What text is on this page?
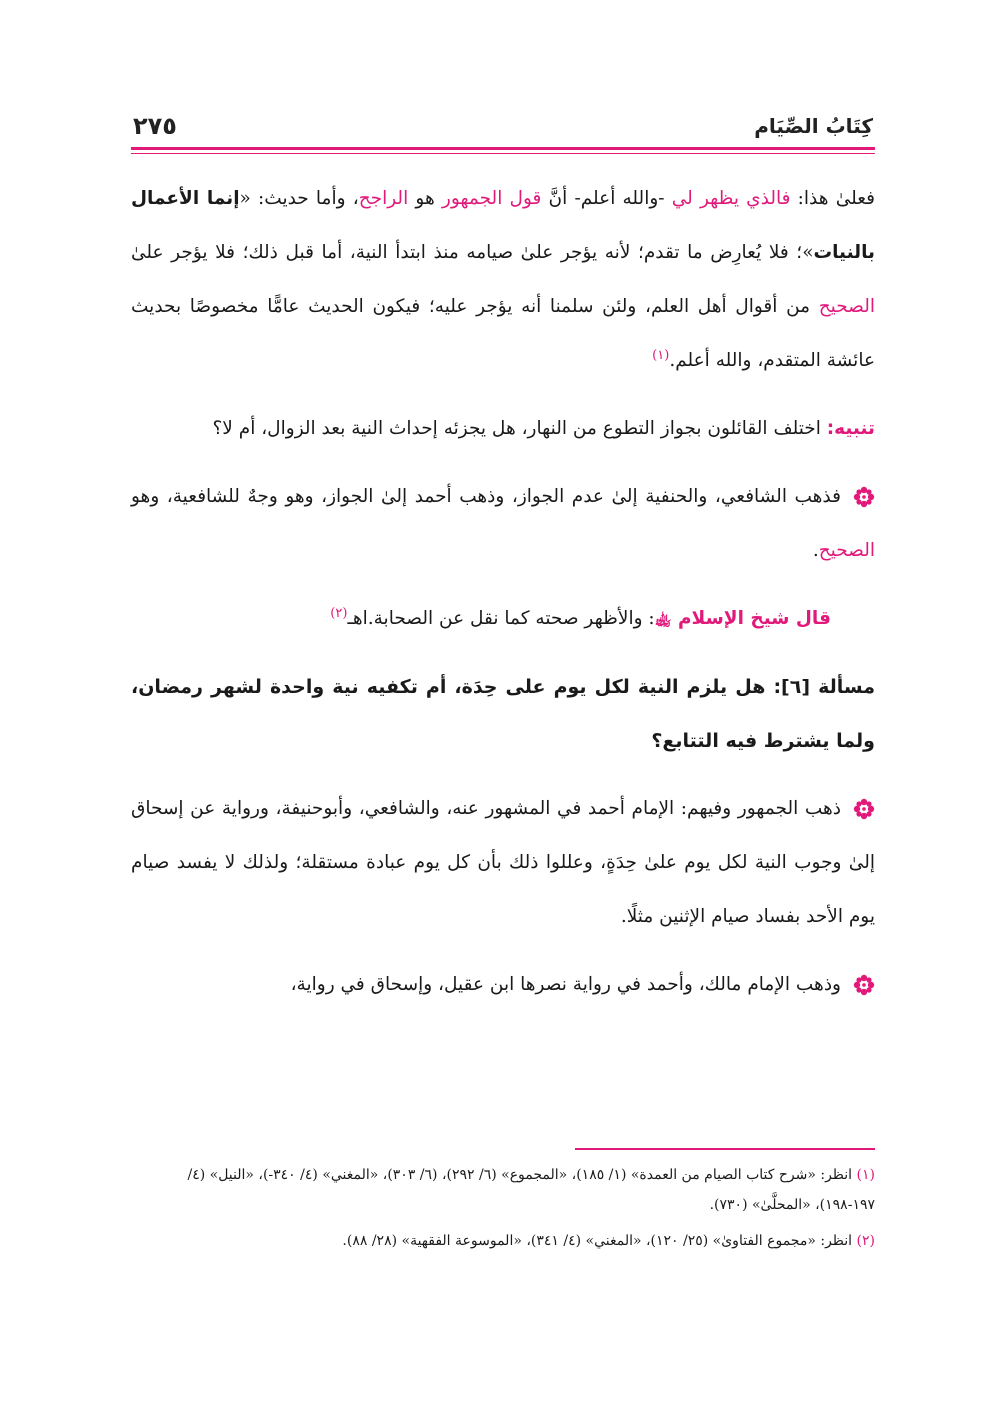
كِتَابُ الصِّيَام
٢٧٥

فعلىٰ هذا: فالذي يظهر لي -والله أعلم- أنَّ قول الجمهور هو الراجح، وأما حديث: «إنما الأعمال بالنيات»؛ فلا يُعارِض ما تقدم؛ لأنه يؤجر علىٰ صيامه منذ ابتدأ النية، أما قبل ذلك؛ فلا يؤجر علىٰ الصحيح من أقوال أهل العلم، ولئن سلمنا أنه يؤجر عليه؛ فيكون الحديث عامًّا مخصوصًا بحديث عائشة المتقدم، والله أعلم.$^{(١)}$

تنبيه: اختلف القائلون بجواز التطوع من النهار، هل يجزئه إحداث النية بعد الزوال، أم لا؟

فذهب الشافعي، والحنفية إلىٰ عدم الجواز، وذهب أحمد إلىٰ الجواز، وهو وجهٌ للشافعية، وهو الصحيح.

قال شيخ الإسلام ﵀: والأظهر صحته كما نقل عن الصحابة.اهـ$^{(٢)}$

مسألة [٦]: هل يلزم النية لكل يوم على حِدَة، أم تكفيه نية واحدة لشهر رمضان، ولما يشترط فيه التتابع؟

ذهب الجمهور وفيهم: الإمام أحمد في المشهور عنه، والشافعي، وأبوحنيفة، ورواية عن إسحاق إلىٰ وجوب النية لكل يوم علىٰ حِدَةٍ، وعللوا ذلك بأن كل يوم عبادة مستقلة؛ ولذلك لا يفسد صيام يوم الأحد بفساد صيام الإثنين مثلًا.

وذهب الإمام مالك، وأحمد في رواية نصرها ابن عقيل، وإسحاق في رواية،

(١) انظر: «شرح كتاب الصيام من العمدة» (١/ ١٨٥)، «المجموع» (٦/ ٢٩٢)، (٦/ ٣٠٣)، «المغني» (٤/ ٣٤٠-)، «النيل» (٤/ ١٩٧-١٩٨)، «المحلَّىٰ» (٧٣٠).

(٢) انظر: «مجموع الفتاوىٰ» (٢٥/ ١٢٠)، «المغني» (٤/ ٣٤١)، «الموسوعة الفقهية» (٢٨/ ٨٨).
